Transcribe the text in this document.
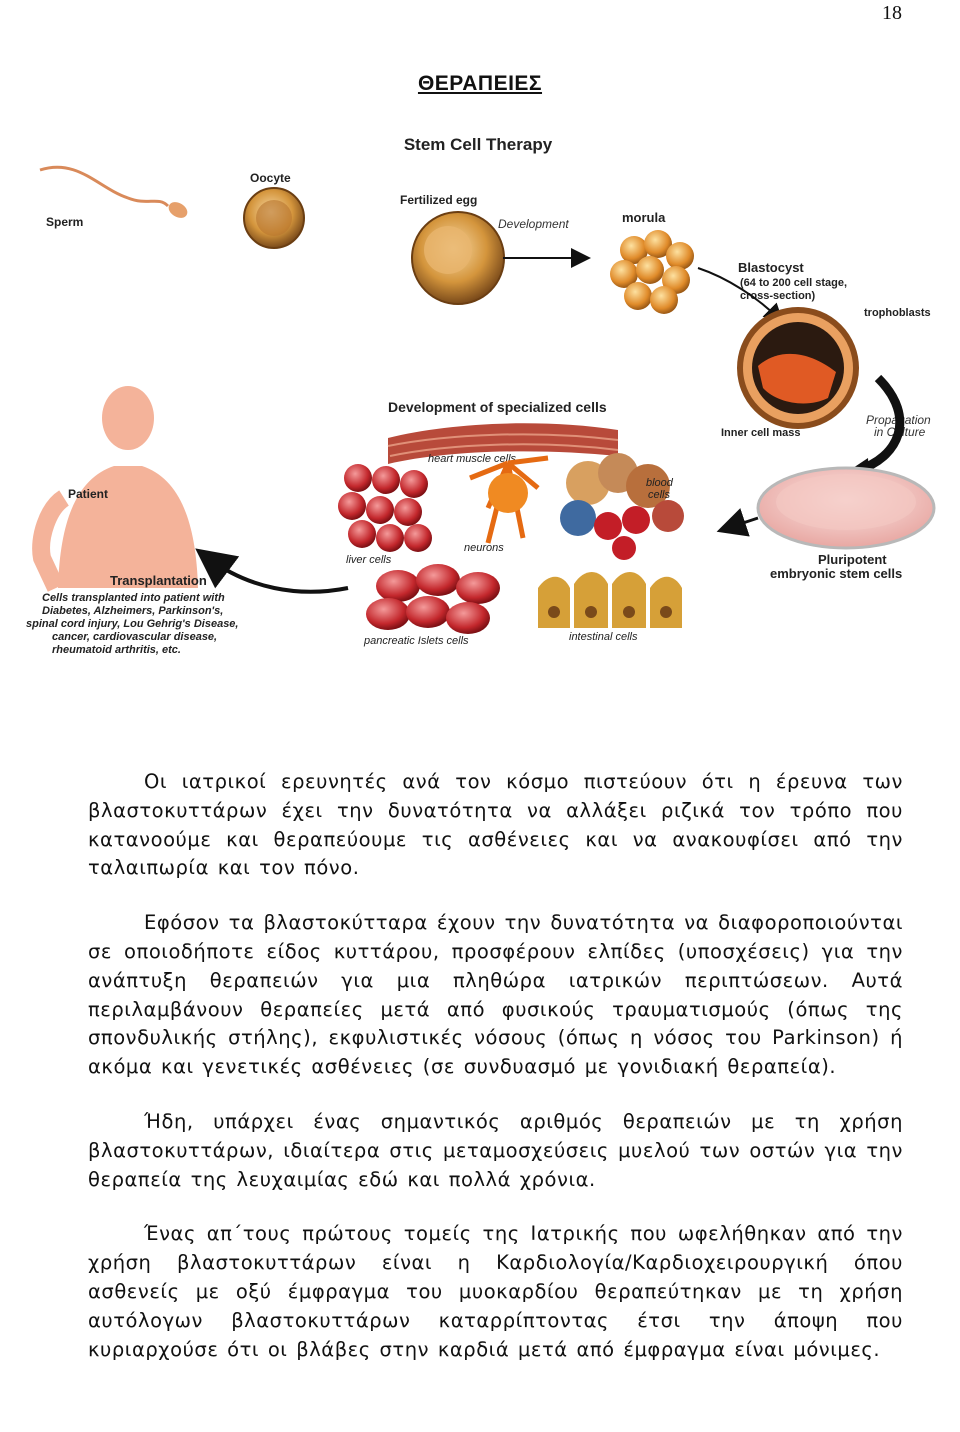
18
ΘΕΡΑΠΕΙΕΣ
Stem Cell Therapy
Sperm
Oocyte
Fertilized egg
Development	morula
Blastocyst
(64 to 200 cell stage,
cross-section)
trophoblasts
Inner cell mass
Propagation
in Culture
Pluripotent
embryonic stem cells
Development of specialized cells
heart muscle cells
liver cells
neurons
blood
cells
pancreatic Islets cells	intestinal cells
Patient
Transplantation
Cells transplanted into patient with
Diabetes, Alzheimers, Parkinson's,
spinal cord injury, Lou Gehrig's Disease,
cancer, cardiovascular disease,
rheumatoid arthritis, etc.

Οι ιατρικοί ερευνητές ανά τον κόσμο πιστεύουν ότι η έρευνα των βλαστοκυττάρων έχει την δυνατότητα να αλλάξει ριζικά τον τρόπο που κατανοούμε και θεραπεύουμε τις ασθένειες και να ανακουφίσει από την ταλαιπωρία και τον πόνο.

Εφόσον τα βλαστοκύτταρα έχουν την δυνατότητα να διαφοροποιούνται σε οποιοδήποτε είδος κυττάρου, προσφέρουν ελπίδες (υποσχέσεις) για την ανάπτυξη θεραπειών για μια πληθώρα ιατρικών περιπτώσεων. Αυτά περιλαμβάνουν θεραπείες μετά από φυσικούς τραυματισμούς (όπως της σπονδυλικής στήλης), εκφυλιστικές νόσους (όπως η νόσος του Parkinson) ή ακόμα και γενετικές ασθένειες (σε συνδυασμό με γονιδιακή θεραπεία).

Ήδη, υπάρχει ένας σημαντικός αριθμός θεραπειών με τη χρήση βλαστοκυττάρων, ιδιαίτερα στις μεταμοσχεύσεις μυελού των οστών για την θεραπεία της λευχαιμίας εδώ και πολλά χρόνια.

Ένας απ΄τους πρώτους τομείς της Ιατρικής που ωφελήθηκαν από την χρήση βλαστοκυττάρων είναι η Καρδιολογία/Καρδιοχειρουργική όπου ασθενείς με οξύ έμφραγμα του μυοκαρδίου θεραπεύτηκαν με τη χρήση αυτόλογων βλαστοκυττάρων καταρρίπτοντας έτσι την άποψη που κυριαρχούσε ότι οι βλάβες στην καρδιά μετά από έμφραγμα είναι μόνιμες.
